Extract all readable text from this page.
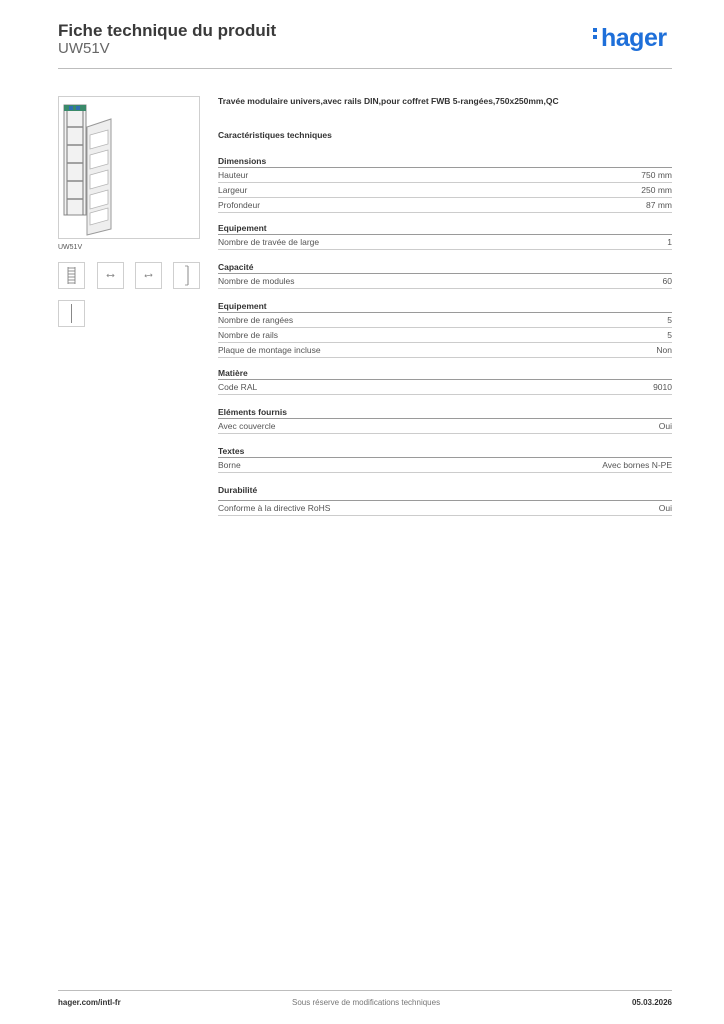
Fiche technique du produit
UW51V	hager
UW51V
Travée modulaire univers,avec rails DIN,pour coffret FWB 5-rangées,750x250mm,QC
Caractéristiques techniques
Dimensions
Hauteur	750 mm
Largeur	250 mm
Profondeur	87 mm
Equipement
Nombre de travée de large	1
Capacité
Nombre de modules	60
Equipement
Nombre de rangées	5
Nombre de rails	5
Plaque de montage incluse	Non
Matière
Code RAL	9010
Eléments fournis
Avec couvercle	Oui
Textes
Borne	Avec bornes N-PE
Durabilité
Conforme à la directive RoHS	Oui
hager.com/intl-fr	Sous réserve de modifications techniques	05.03.2026
